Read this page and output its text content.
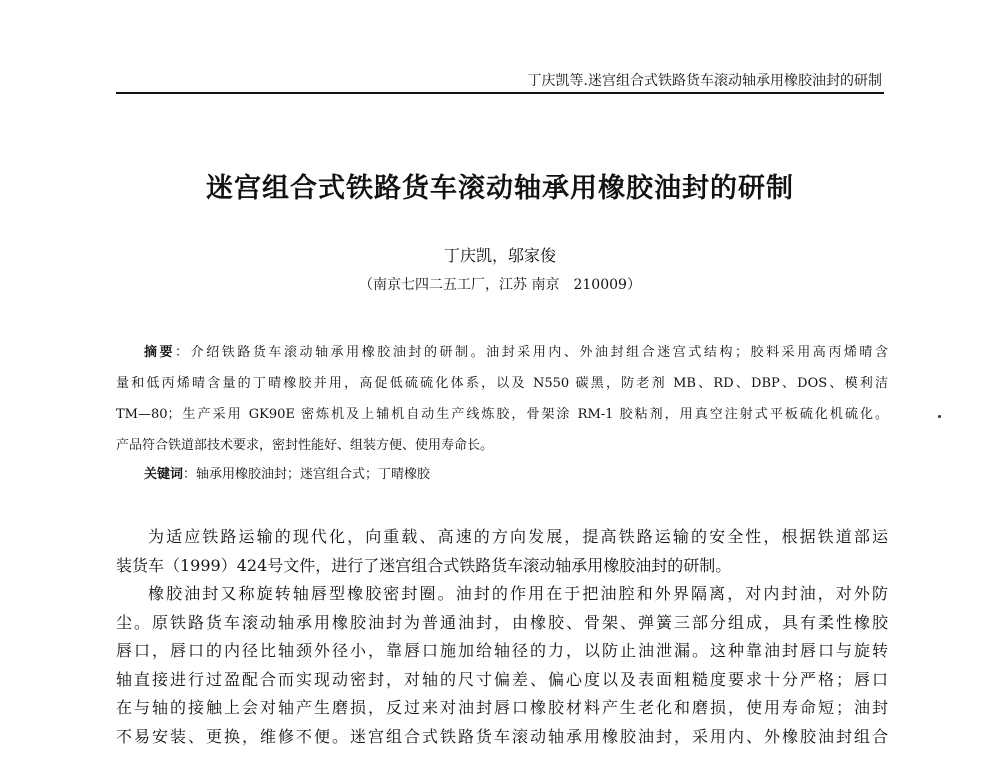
丁庆凯等.迷宫组合式铁路货车滚动轴承用橡胶油封的研制
迷宫组合式铁路货车滚动轴承用橡胶油封的研制
丁庆凯，邬家俊
（南京七四二五工厂，江苏 南京　210009）
摘要：介绍铁路货车滚动轴承用橡胶油封的研制。油封采用内、外油封组合迷宫式结构；胶料采用高丙烯晴含
量和低丙烯晴含量的丁晴橡胶并用，高促低硫硫化体系，以及 N550 碳黑，防老剂 MB、RD、DBP、DOS、模利洁
TM—80；生产采用 GK90E 密炼机及上辅机自动生产线炼胶，骨架涂 RM-1 胶粘剂，用真空注射式平板硫化机硫化。
产品符合铁道部技术要求，密封性能好、组装方便、使用寿命长。
关键词：轴承用橡胶油封；迷宫组合式；丁晴橡胶
为适应铁路运输的现代化，向重载、高速的方向发展，提高铁路运输的安全性，根据铁道部运
装货车（1999）424号文件，进行了迷宫组合式铁路货车滚动轴承用橡胶油封的研制。
橡胶油封又称旋转轴唇型橡胶密封圈。油封的作用在于把油腔和外界隔离，对内封油，对外防
尘。原铁路货车滚动轴承用橡胶油封为普通油封，由橡胶、骨架、弹簧三部分组成，具有柔性橡胶
唇口，唇口的内径比轴颈外径小，靠唇口施加给轴径的力，以防止油泄漏。这种靠油封唇口与旋转
轴直接进行过盈配合而实现动密封，对轴的尺寸偏差、偏心度以及表面粗糙度要求十分严格；唇口
在与轴的接触上会对轴产生磨损，反过来对油封唇口橡胶材料产生老化和磨损，使用寿命短；油封
不易安装、更换，维修不便。迷宫组合式铁路货车滚动轴承用橡胶油封，采用内、外橡胶油封组合
